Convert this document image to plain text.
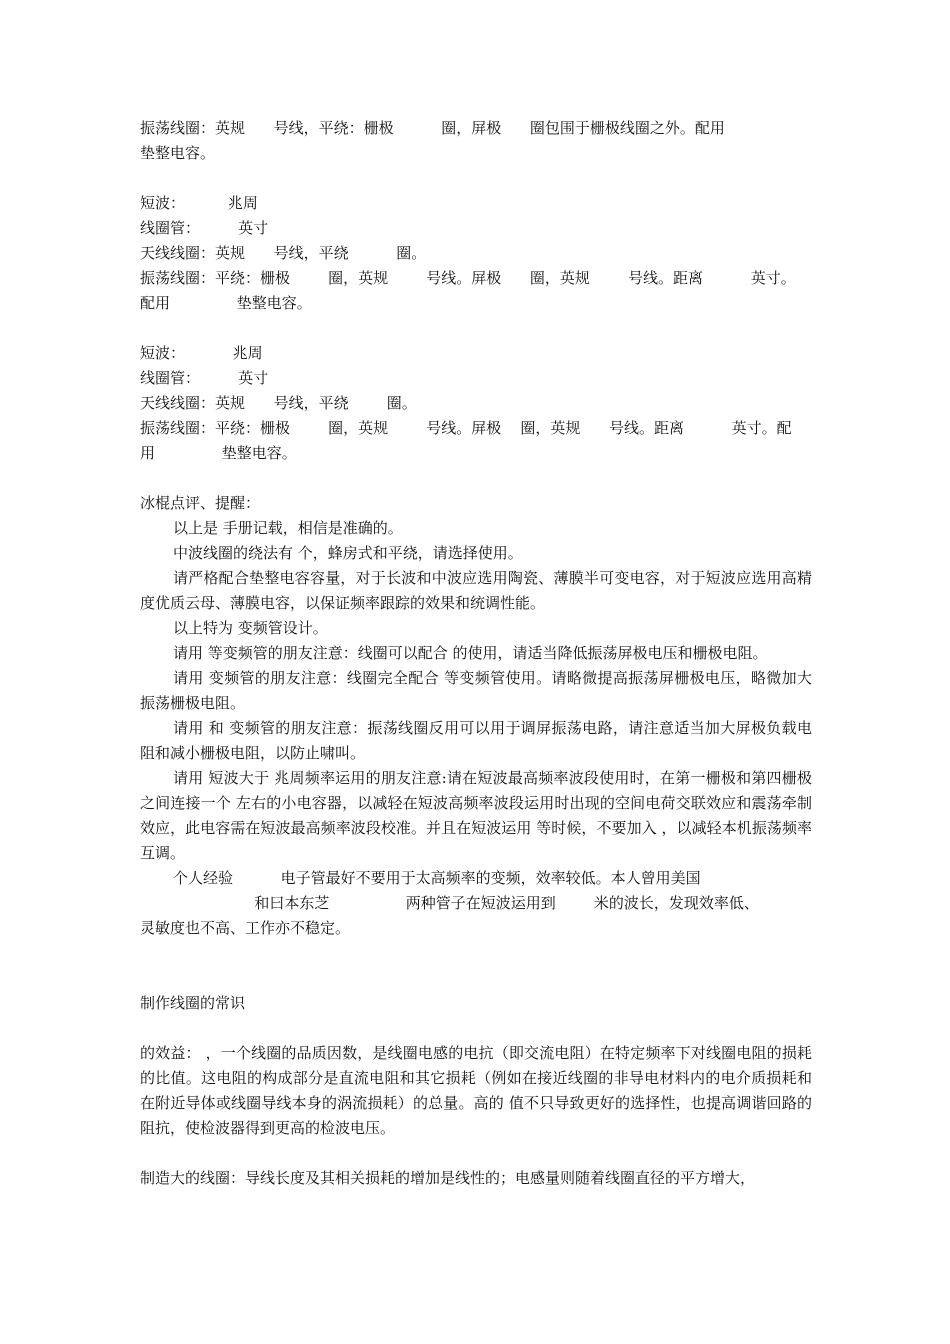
振荡线圈：英规      号线，平绕：栅极          圈，屏极      圈包围于栅极线圈之外。配用
垫整电容。
短波：         兆周
线圈管：        英寸
天线线圈：英规      号线，平绕          圈。
振荡线圈：平绕：栅极        圈，英规        号线。屏极      圈，英规        号线。距离          英寸。
配用              垫整电容。
短波：          兆周
线圈管：        英寸
天线线圈：英规      号线，平绕        圈。
振荡线圈：平绕：栅极        圈，英规        号线。屏极    圈，英规      号线。距离          英寸。配
用              垫整电容。
冰棍点评、提醒：
以上是 手册记载，相信是准确的。
中波线圈的绕法有 个，蜂房式和平绕，请选择使用。
请严格配合垫整电容容量，对于长波和中波应选用陶瓷、薄膜半可变电容，对于短波应选用高精度优质云母、薄膜电容，以保证频率跟踪的效果和统调性能。
以上特为 变频管设计。
请用 等变频管的朋友注意：线圈可以配合 的使用，请适当降低振荡屏极电压和栅极电阻。
请用 变频管的朋友注意：线圈完全配合 等变频管使用。请略微提高振荡屏栅极电压，略微加大振荡栅极电阻。
请用 和 变频管的朋友注意：振荡线圈反用可以用于调屏振荡电路，请注意适当加大屏极负载电阻和减小栅极电阻，以防止啸叫。
请用 短波大于 兆周频率运用的朋友注意:请在短波最高频率波段使用时，在第一栅极和第四栅极之间连接一个 左右的小电容器，以减轻在短波高频率波段运用时出现的空间电荷交联效应和震荡牵制效应，此电容需在短波最高频率波段校准。并且在短波运用 等时候，不要加入 ，以减轻本机振荡频率互调。
个人经验          电子管最好不要用于太高频率的变频，效率较低。本人曾用美国
和曰本东芝                两种管子在短波运用到        米的波长，发现效率低、
灵敏度也不高、工作亦不稳定。
制作线圈的常识
的效益： ，一个线圈的品质因数，是线圈电感的电抗（即交流电阻）在特定频率下对线圈电阻的损耗的比值。这电阻的构成部分是直流电阻和其它损耗（例如在接近线圈的非导电材料内的电介质损耗和在附近导体或线圈导线本身的涡流损耗）的总量。高的 值不只导致更好的选择性，也提高调谐回路的阻抗，使检波器得到更高的检波电压。
制造大的线圈：导线长度及其相关损耗的增加是线性的；电感量则随着线圈直径的平方增大，
